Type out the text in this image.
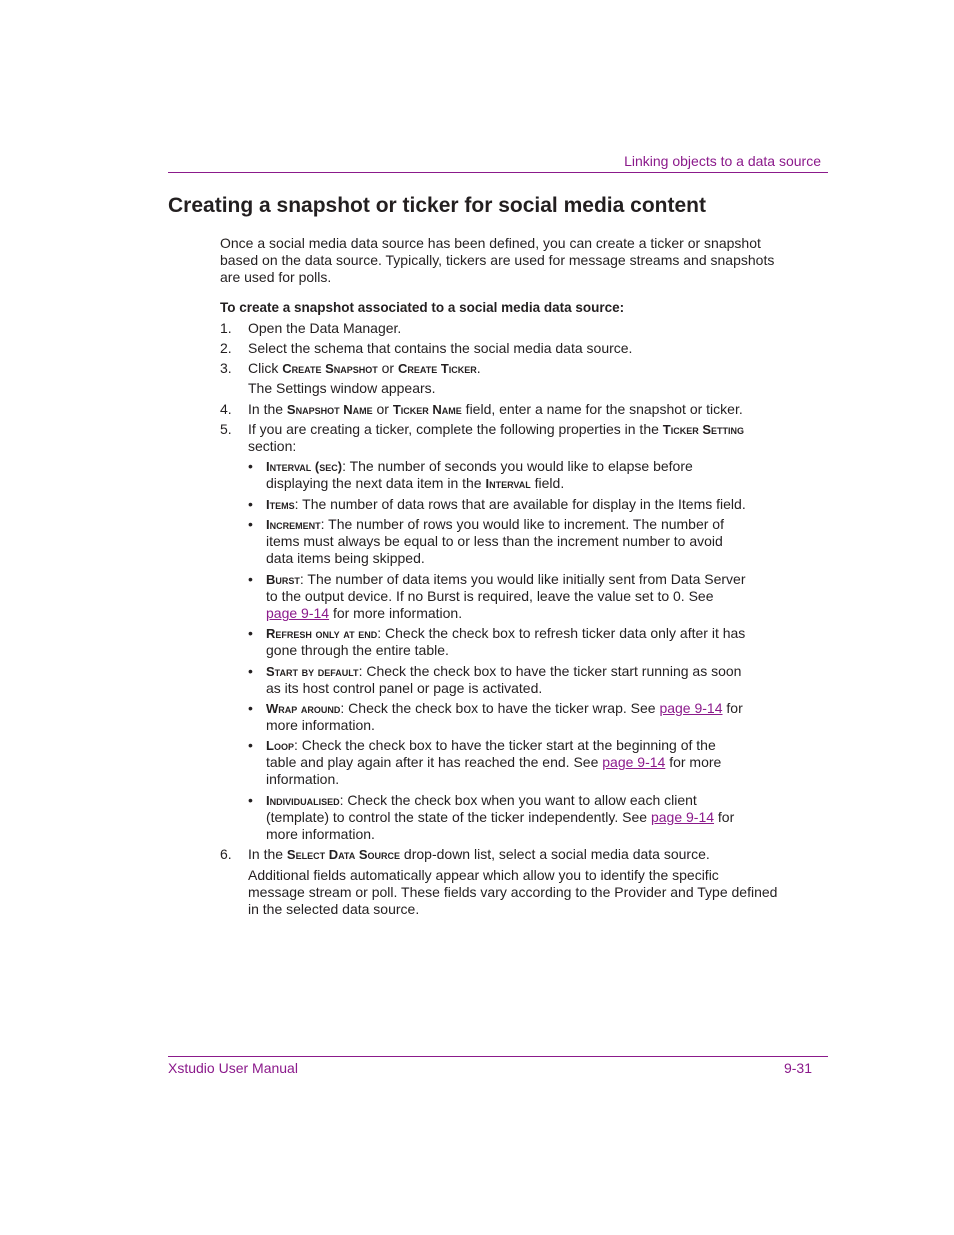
Linking objects to a data source
Creating a snapshot or ticker for social media content

Once a social media data source has been defined, you can create a ticker or snapshot based on the data source. Typically, tickers are used for message streams and snapshots are used for polls.

To create a snapshot associated to a social media data source:

1. Open the Data Manager.
2. Select the schema that contains the social media data source.
3. Click Create Snapshot or Create Ticker.
The Settings window appears.
4. In the Snapshot Name or Ticker Name field, enter a name for the snapshot or ticker.
5. If you are creating a ticker, complete the following properties in the Ticker Setting section:
• Interval (sec): The number of seconds you would like to elapse before displaying the next data item in the Interval field.
• Items: The number of data rows that are available for display in the Items field.
• Increment: The number of rows you would like to increment. The number of items must always be equal to or less than the increment number to avoid data items being skipped.
• Burst: The number of data items you would like initially sent from Data Server to the output device. If no Burst is required, leave the value set to 0. See page 9-14 for more information.
• Refresh only at end: Check the check box to refresh ticker data only after it has gone through the entire table.
• Start by default: Check the check box to have the ticker start running as soon as its host control panel or page is activated.
• Wrap around: Check the check box to have the ticker wrap. See page 9-14 for more information.
• Loop: Check the check box to have the ticker start at the beginning of the table and play again after it has reached the end. See page 9-14 for more information.
• Individualised: Check the check box when you want to allow each client (template) to control the state of the ticker independently. See page 9-14 for more information.
6. In the Select Data Source drop-down list, select a social media data source.
Additional fields automatically appear which allow you to identify the specific message stream or poll. These fields vary according to the Provider and Type defined in the selected data source.
Xstudio User Manual	9-31
